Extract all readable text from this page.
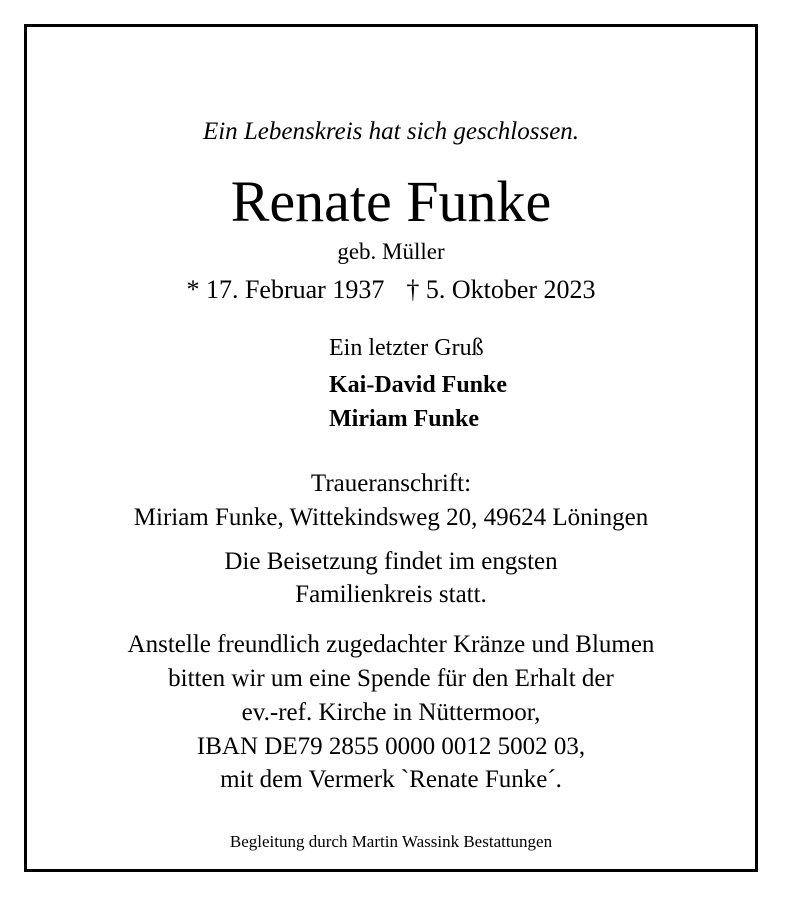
Ein Lebenskreis hat sich geschlossen.
Renate Funke
geb. Müller
* 17. Februar 1937 † 5. Oktober 2023
Ein letzter Gruß
Kai-David Funke
Miriam Funke
Traueranschrift:
Miriam Funke, Wittekindsweg 20, 49624 Löningen
Die Beisetzung findet im engsten
Familienkreis statt.
Anstelle freundlich zugedachter Kränze und Blumen
bitten wir um eine Spende für den Erhalt der
ev.-ref. Kirche in Nüttermoor,
IBAN DE79 2855 0000 0012 5002 03,
mit dem Vermerk `Renate Funke´.
Begleitung durch Martin Wassink Bestattungen
